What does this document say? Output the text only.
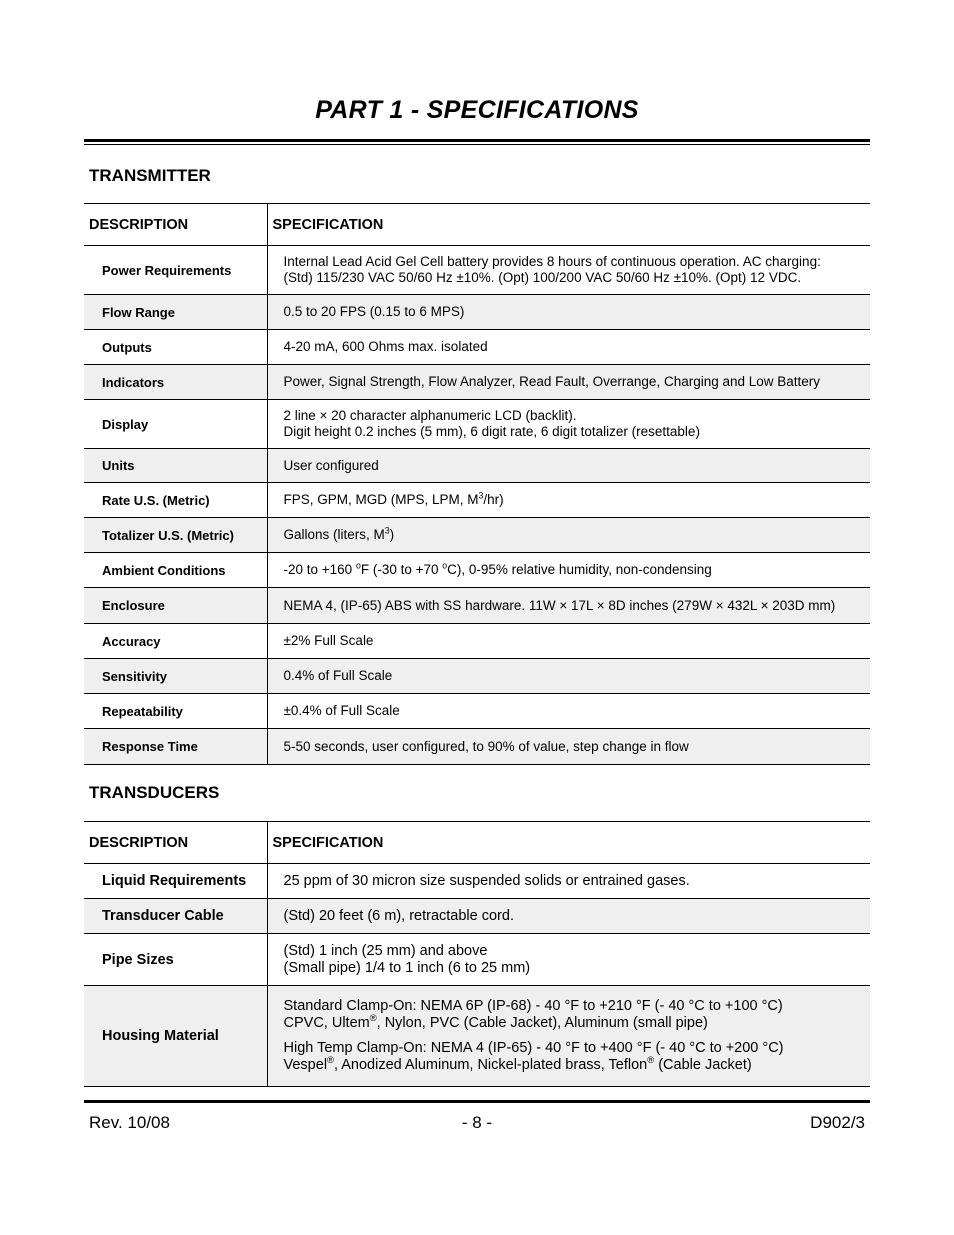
PART 1 - SPECIFICATIONS
TRANSMITTER
DESCRIPTION	SPECIFICATION
Power Requirements	Internal Lead Acid Gel Cell battery provides 8 hours of continuous operation. AC charging:
(Std) 115/230 VAC 50/60 Hz ±10%. (Opt) 100/200 VAC 50/60 Hz ±10%. (Opt) 12 VDC.

Flow Range	0.5 to 20 FPS (0.15 to 6 MPS)
Outputs	4-20 mA, 600 Ohms max. isolated
Indicators	Power, Signal Strength, Flow Analyzer, Read Fault, Overrange, Charging and Low Battery
Display	2 line × 20 character alphanumeric LCD (backlit).
Digit height 0.2 inches (5 mm), 6 digit rate, 6 digit totalizer (resettable)

Units	User configured
Rate U.S. (Metric)	FPS, GPM, MGD (MPS, LPM, $M^3/hr$)
Totalizer U.S. (Metric)	Gallons (liters, $M^3$)
Ambient Conditions	-20 to +160 $^o$F (-30 to +70 $^o$C), 0-95% relative humidity, non-condensing
Enclosure	NEMA 4, (IP-65) ABS with SS hardware. 11W × 17L × 8D inches (279W × 432L × 203D mm)
Accuracy	±2% Full Scale
Sensitivity	0.4% of Full Scale
Repeatability	±0.4% of Full Scale
Response Time	5-50 seconds, user configured, to 90% of value, step change in flow
TRANSDUCERS
DESCRIPTION	SPECIFICATION
Liquid Requirements	25 ppm of 30 micron size suspended solids or entrained gases.
Transducer Cable	(Std) 20 feet (6 m), retractable cord.
Pipe Sizes	(Std) 1 inch (25 mm) and above
(Small pipe) 1/4 to 1 inch (6 to 25 mm)

Housing Material	Standard Clamp-On: NEMA 6P (IP-68) - 40 °F to +210 °F (- 40 °C to +100 °C)
CPVC, Ultem®, Nylon, PVC (Cable Jacket), Aluminum (small pipe)
High Temp Clamp-On: NEMA 4 (IP-65) - 40 °F to +400 °F (- 40 °C to +200 °C)
Vespel®, Anodized Aluminum, Nickel-plated brass, Teflon® (Cable Jacket)
Rev. 10/08	- 8 -	D902/3
